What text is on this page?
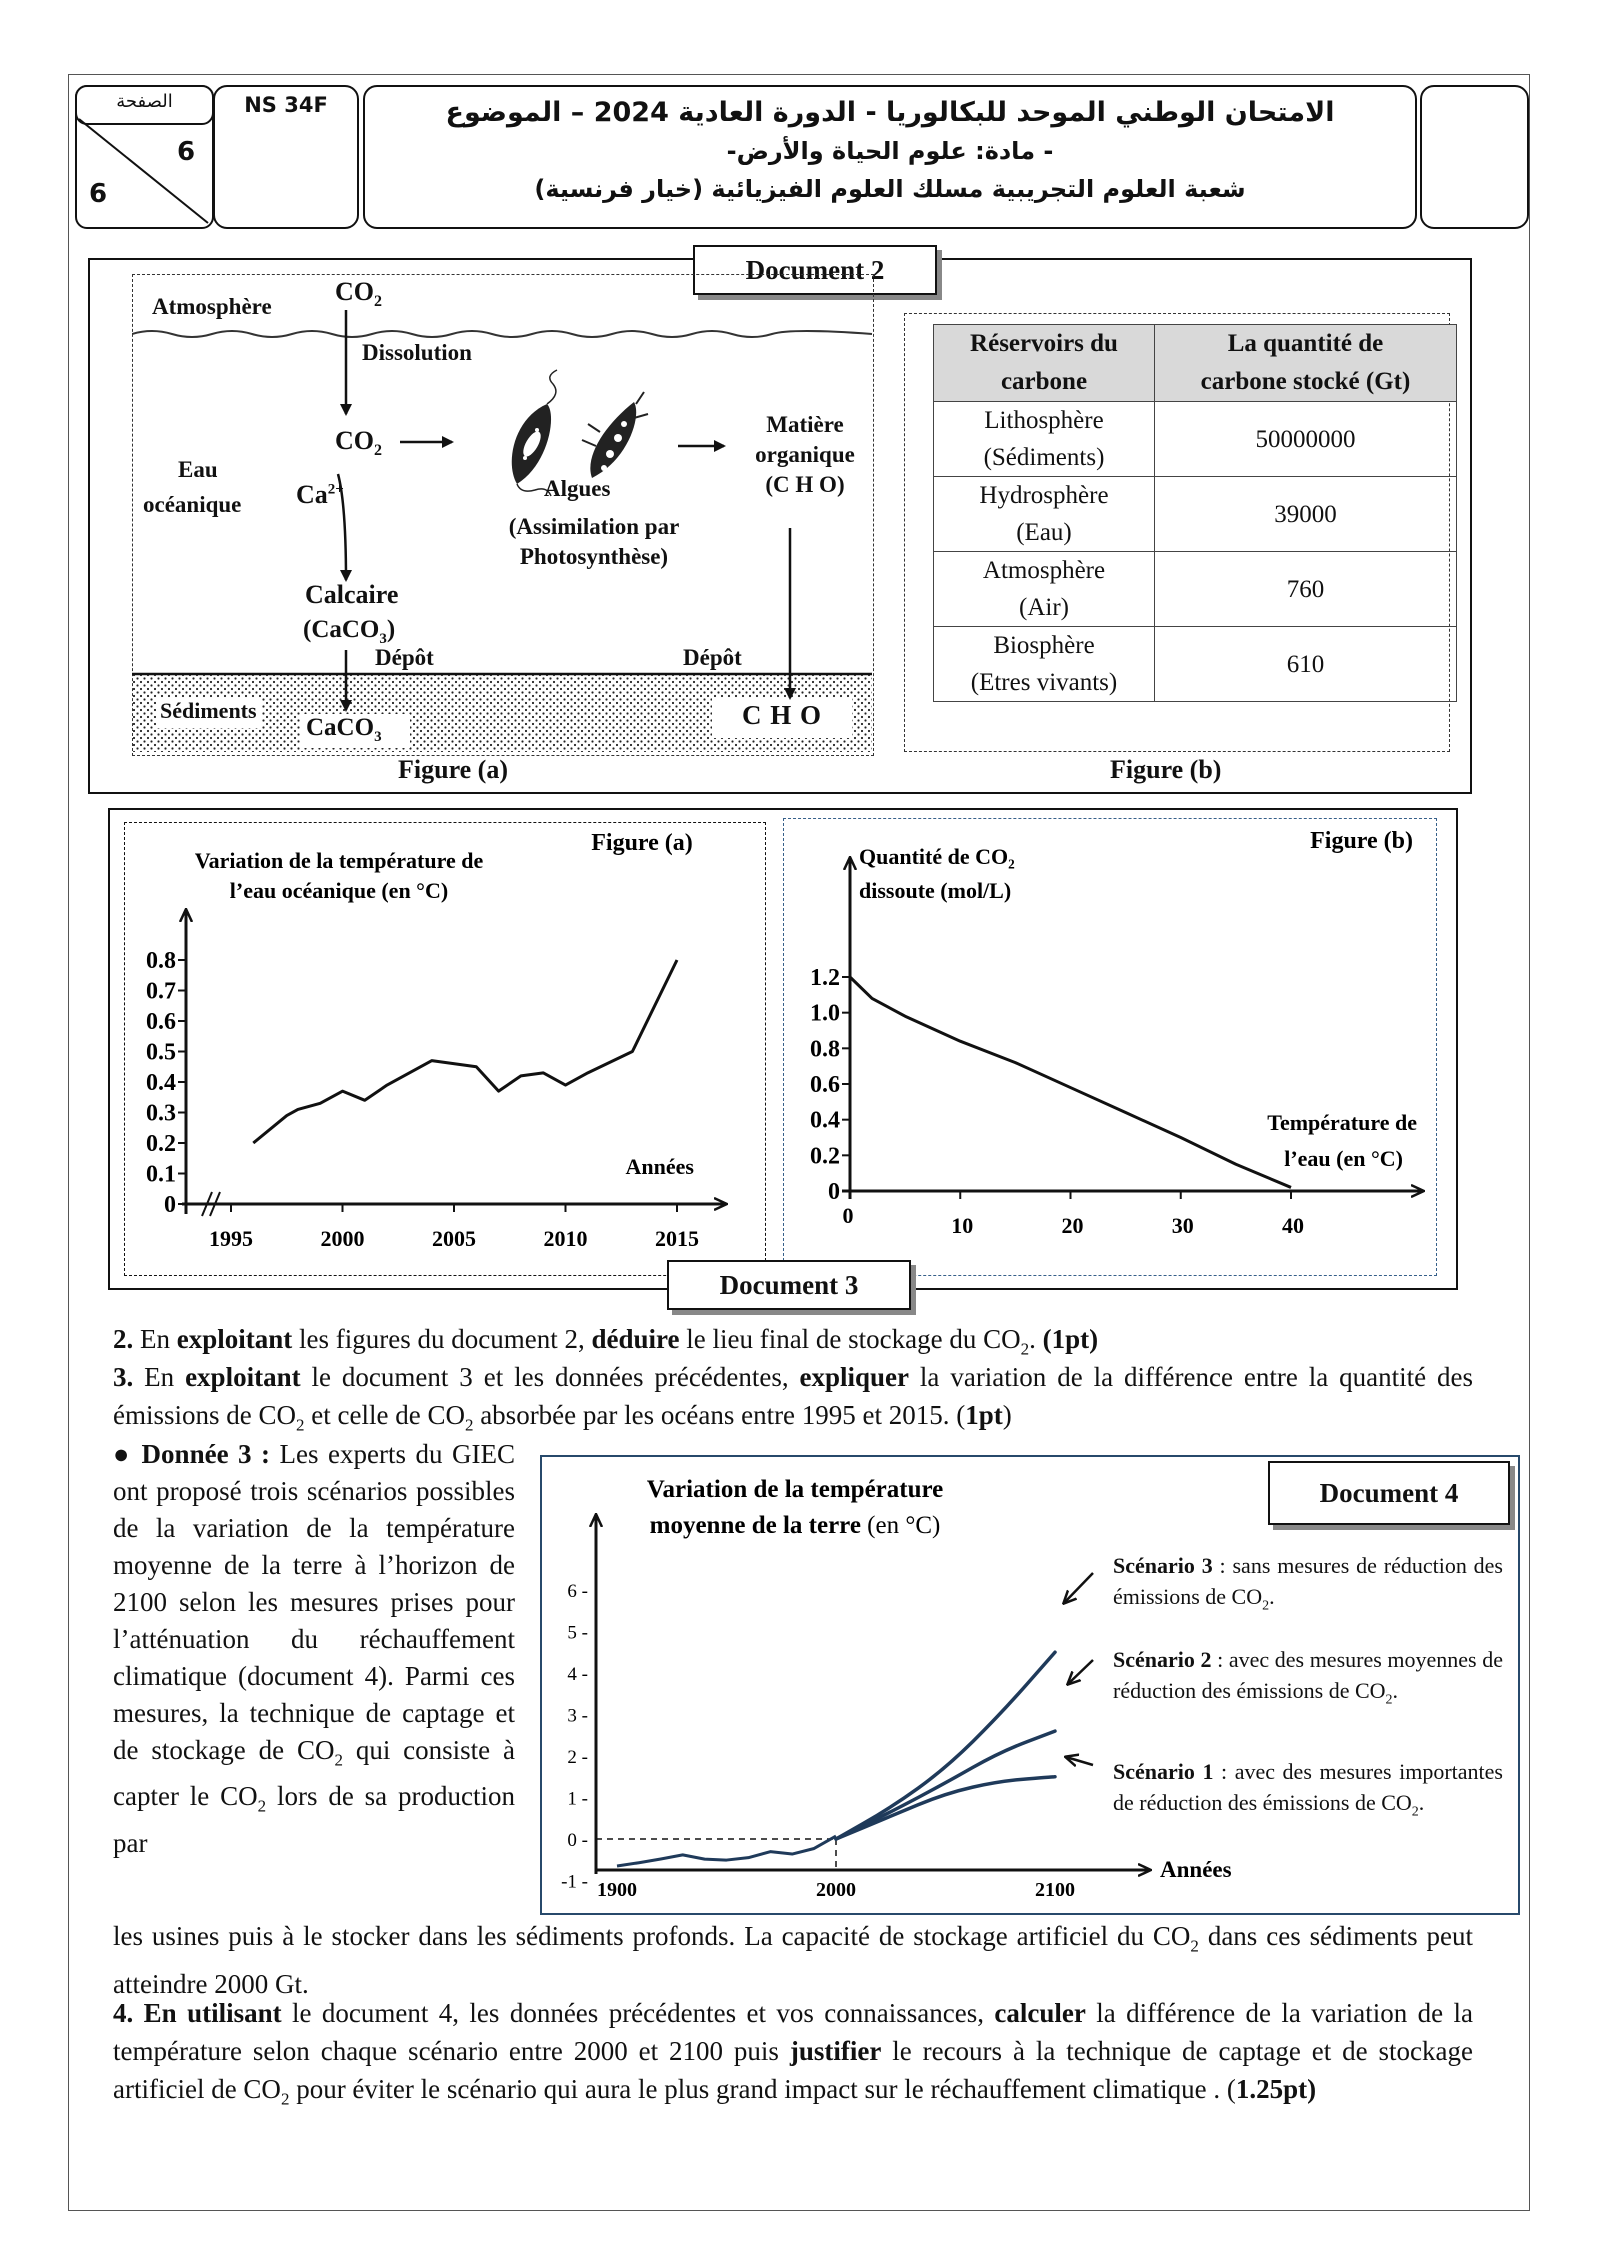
الصفحة
6
6
NS 34F	الامتحان الوطني الموحد للبكالوريا - الدورة العادية 2024 – الموضوع
- مادة: علوم الحياة والأرض-
شعبة العلوم التجريبية مسلك العلوم الفيزيائية (خيار فرنسية)
Document 2
Atmosphère
$CO_2$
Dissolution
Eau
océanique
$CO_2$
$Ca^{2+}$	Algues
(Assimilation par
Photosynthèse)
Matière
organique
(C H O)
Calcaire
(CaCO$_3$)
Dépôt	Dépôt
Sédiments
CaCO$_3$
C H O
Figure (a)
Réservoirs du
carbone	La quantité de
carbone stocké (Gt)
Lithosphère
(Sédiments)	50000000
Hydrosphère
(Eau)	39000
Atmosphère
(Air)	760
Biosphère
(Etres vivants)	610
Figure (b)
Variation de la température de
l’eau océanique (en °C)
Figure (a)
0
0.1
0.2
0.3
0.4
0.5
0.6
0.7
0.8
1995	2000	2005	2010	2015
Années
Figure (b)
Quantité de CO₂
dissoute (mol/L)
0
0.2
0.4
0.6
0.8
1.0
1.2
0	10	20	30	40
Température de
l’eau (en °C)
Document 3
2. En exploitant les figures du document 2, déduire le lieu final de stockage du $CO_2$. (1pt)
3. En exploitant le document 3 et les données précédentes, expliquer la variation de la différence entre la quantité des émissions de $CO_2$ et celle de $CO_2$ absorbée par les océans entre 1995 et 2015. (1pt)
● Donnée 3 : Les experts du GIEC ont proposé trois scénarios possibles de la variation de la température moyenne de la terre à l’horizon de 2100 selon les mesures prises pour l’atténuation du réchauffement climatique (document 4). Parmi ces mesures, la technique de captage et de stockage de $CO_2$ qui consiste à capter le $CO_2$ lors de sa production par
Variation de la température
moyenne de la terre (en °C)
-1 -
0 -
1 -
2 -
3 -
4 -
5 -
6 -
1900	2000	2100
Années
Document 4
Scénario 3 : sans mesures de réduction des émissions de $CO_2$.
Scénario 2 : avec des mesures moyennes de réduction des émissions de $CO_2$.
Scénario 1 : avec des mesures importantes de réduction des émissions de $CO_2$.
les usines puis à le stocker dans les sédiments profonds. La capacité de stockage artificiel du $CO_2$ dans ces sédiments peut atteindre 2000 Gt.
4. En utilisant le document 4, les données précédentes et vos connaissances, calculer la différence de la variation de la température selon chaque scénario entre 2000 et 2100 puis justifier le recours à la technique de captage et de stockage artificiel de $CO_2$ pour éviter le scénario qui aura le plus grand impact sur le réchauffement climatique . (1.25pt)
